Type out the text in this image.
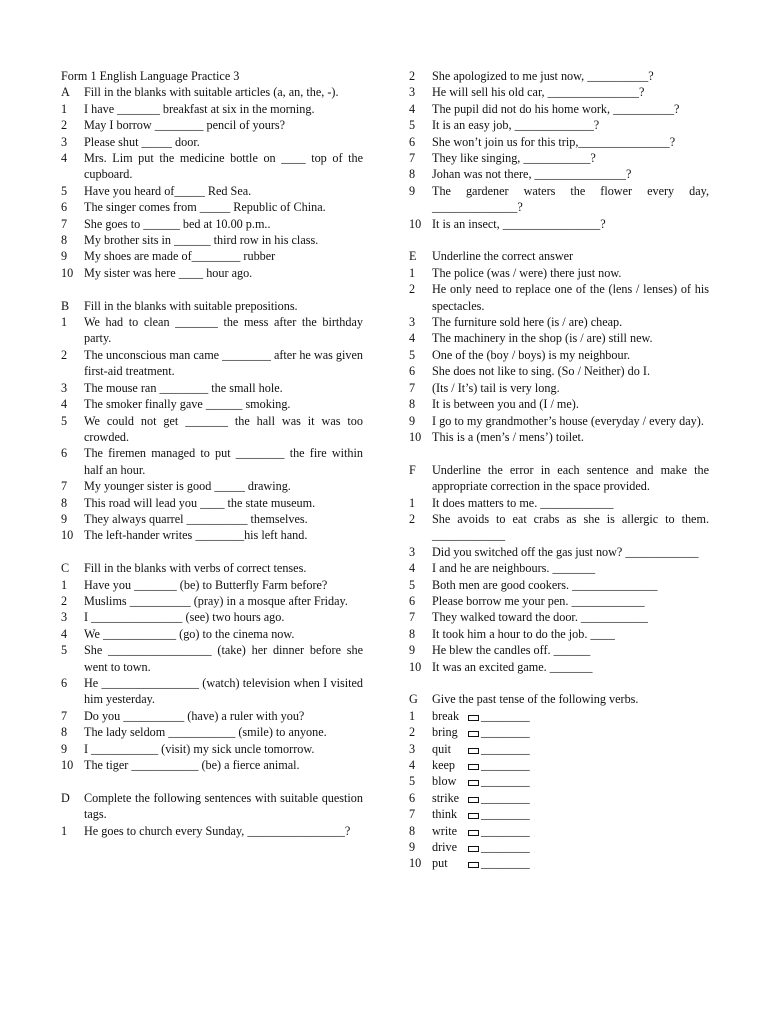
Form 1 English Language Practice 3
A	Fill in the blanks with suitable articles (a, an, the, -).
1	I have _______ breakfast at six in the morning.
2	May I borrow ________ pencil of yours?
3	Please shut _____ door.
4	Mrs. Lim put the medicine bottle on ____ top of the cupboard.
5	Have you heard of_____ Red Sea.
6	The singer comes from _____ Republic of China.
7	She goes to ______ bed at 10.00 p.m..
8	My brother sits in ______ third row in his class.
9	My shoes are made of________ rubber
10 My sister was here ____ hour ago.
B	Fill in the blanks with suitable prepositions.
1	We had to clean _______ the mess after the birthday party.
2	The unconscious man came ________ after he was given first-aid treatment.
3	The mouse ran ________ the small hole.
4	The smoker finally gave ______ smoking.
5	We could not get _______ the hall was it was too crowded.
6	The firemen managed to put ________ the fire within half an hour.
7	My younger sister is good _____ drawing.
8	This road will lead you ____ the state museum.
9	They always quarrel __________ themselves.
10 The left-hander writes ________his left hand.
C	Fill in the blanks with verbs of correct tenses.
1	Have you _______ (be) to Butterfly Farm before?
2	Muslims __________ (pray) in a mosque after Friday.
3	I _______________ (see) two hours ago.
4	We ____________ (go) to the cinema now.
5	She _________________ (take) her dinner before she went to town.
6	He ________________ (watch) television when I visited him yesterday.
7	Do you __________ (have) a ruler with you?
8	The lady seldom ___________ (smile) to anyone.
9	I ___________ (visit) my sick uncle tomorrow.
10 The tiger ___________ (be) a fierce animal.
D	Complete the following sentences with suitable question tags.
1	He goes to church every Sunday, ________________?
2	She apologized to me just now, __________?
3	He will sell his old car, _______________?
4	The pupil did not do his home work, __________?
5	It is an easy job, _____________?
6	She won’t join us for this trip,_______________?
7	They like singing, ___________?
8	Johan was not there, _______________?
9	The gardener waters the flower every day, ______________?
10 It is an insect, ________________?
E	Underline the correct answer
1	The police (was / were) there just now.
2	He only need to replace one of the (lens / lenses) of his spectacles.
3	The furniture sold here (is / are) cheap.
4	The machinery in the shop (is / are) still new.
5	One of the (boy / boys) is my neighbour.
6	She does not like to sing. (So / Neither) do I.
7	(Its / It’s) tail is very long.
8	It is between you and (I / me).
9	I go to my grandmother’s house (everyday / every day).
10 This is a (men’s / mens’) toilet.
F	Underline the error in each sentence and make the appropriate correction in the space provided.
1	It does matters to me. ____________
2	She avoids to eat crabs as she is allergic to them. ____________
3	Did you switched off the gas just now? ____________
4	I and he are neighbours. _______
5	Both men are good cookers. ______________
6	Please borrow me your pen. ____________
7	They walked toward the door. ___________
8	It took him a hour to do the job. ____
9	He blew the candles off. ______
10 It was an excited game. _______
G	Give the past tense of the following verbs.
1	break	________
2	bring	________
3	quit	________
4	keep	________
5	blow	________
6	strike	________
7	think	________
8	write	________
9	drive	________
10 put	________
